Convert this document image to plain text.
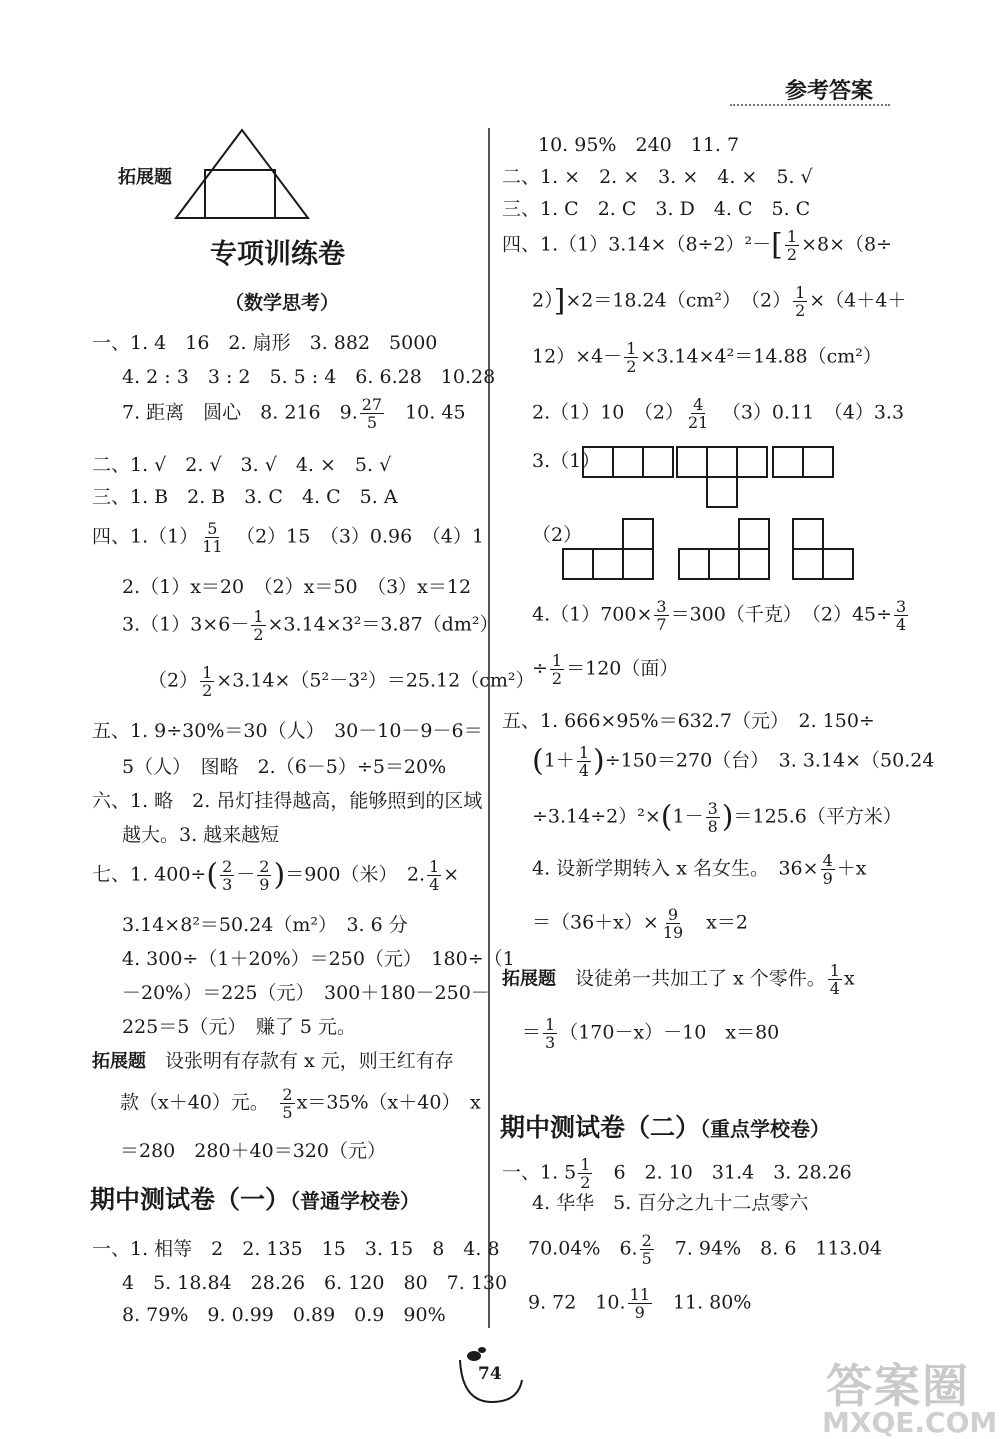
参考答案
拓展题
专项训练卷
（数学思考）
一、1. 4　16　2. 扇形　3. 882　5000
4. 2 : 3　3 : 2　5. 5 : 4　6. 6.28　10.28
7. 距离　圆心　8. 216　9. $\frac{27}{5}$ 　10. 45
二、1. √　2. √　3. √　4. ×　5. √
三、1. B　2. B　3. C　4. C　5. A
四、$1.(1) \frac{5}{11}$ 　（2）15　（3）0.96　（4）1
2.（1）x＝20　（2）x＝50　（3）x＝12
$3.(1)3\times 6- \frac{1}{2} \times 3.14\times 3^2=3.87(dm^2)$
$(2) \frac{1}{2} \times 3.14\times(5^2-3^2)=25.12(cm^2)$
五、1. 9÷30%＝30（人）　30－10－9－6＝
5（人）　图略　2.（6－5）÷5＝20%
六、1. 略　2. 吊灯挂得越高，能够照到的区域
越大。3. 越来越短
七、1. $400\div( \frac{2}{3} - \frac{2}{9} )=900$（米）　2. $\frac{1}{4}$ ×
3.14×8²＝50.24（m²）　3. 6 分
4. 300÷（1＋20%）＝250（元）　180÷（1
－20%）＝225（元）　300＋180－250－
225＝5（元）　赚了 5 元。
拓展题　设张明有存款有 x 元，则王红有存
款（x＋40）元。　 $\frac{2}{5} x=35\%(x+40)$　x
＝280　280＋40＝320（元）
期中测试卷（一）（普通学校卷）
一、1. 相等　2　2. 135　15　3. 15　8　4. 8
4　5. 18.84　28.26　6. 120　80　7. 130
8. 79%　9. 0.99　0.89　0.9　90%
10. 95%　240　11. 7
二、1. ×　2. ×　3. ×　4. ×　5. √
三、1. C　2. C　3. D　4. C　5. C
四、$1.(1)3.14\times(8\div 2)^2-[ \frac{1}{2} \times 8\times(8\div$
2）]×2＝18.24（cm²）　$(2) \frac{1}{2} \times(4+4+$
$12)\times 4- \frac{1}{2} \times 3.14\times 4^2=14.88(cm^2)$
2.（1）10　$(2) \frac{4}{21}$ 　（3）0.11　（4）3.3
3.（1）
（2）
$4.(1)700\times \frac{3}{7} =300$（千克）　$(2)45\div \frac{3}{4}$
÷ $\frac{1}{2} =120$（面）
五、1. 666×95%＝632.7（元）　2. 150÷
$(1+ \frac{1}{4} )\div 150=270$（台）　3. 3.14×（50.24
$\div 3.14\div 2)^2\times(1- \frac{3}{8} )=125.6$（平方米）
4. 设新学期转入 x 名女生。　$36\times \frac{4}{9} +x$
$=(36+x)\times \frac{9}{19}$ 　x＝2
拓展题　设徒弟一共加工了 x 个零件。 $\frac{1}{4}$ x
＝ $\frac{1}{3} (170-x)-10$　x＝80
期中测试卷（二）（重点学校卷）
一、1. $5 \frac{1}{2}$ 　6　2. 10　31.4　3. 28.26
4. 华华　5. 百分之九十二点零六
70.04%　6. $\frac{2}{5}$ 　7. 94%　8. 6　113.04
9. 72　10. $\frac{11}{9}$ 　11. 80%
74	答案圈
MXQE.COM
